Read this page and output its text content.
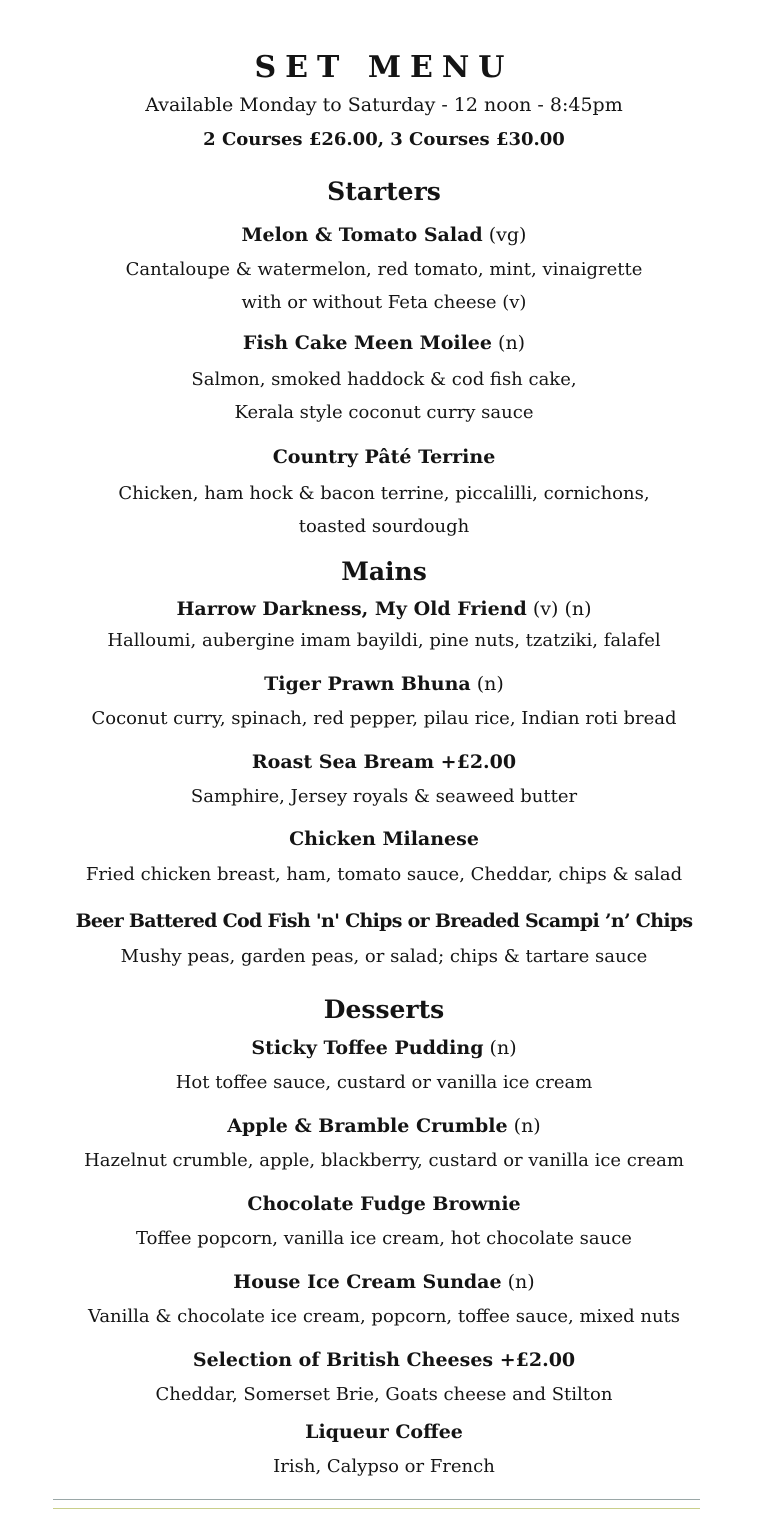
SET MENU
Available Monday to Saturday - 12 noon - 8:45pm
2 Courses £26.00, 3 Courses £30.00
Starters
Melon & Tomato Salad (vg)
Cantaloupe & watermelon, red tomato, mint, vinaigrette
with or without Feta cheese (v)
Fish Cake Meen Moilee (n)
Salmon, smoked haddock & cod fish cake,
Kerala style coconut curry sauce
Country Pâté Terrine
Chicken, ham hock & bacon terrine, piccalilli, cornichons,
toasted sourdough
Mains
Harrow Darkness, My Old Friend (v) (n)
Halloumi, aubergine imam bayildi, pine nuts, tzatziki, falafel
Tiger Prawn Bhuna (n)
Coconut curry, spinach, red pepper, pilau rice, Indian roti bread
Roast Sea Bream +£2.00
Samphire, Jersey royals & seaweed butter
Chicken Milanese
Fried chicken breast, ham, tomato sauce, Cheddar, chips & salad
Beer Battered Cod Fish 'n' Chips or Breaded Scampi ’n’ Chips
Mushy peas, garden peas, or salad; chips & tartare sauce
Desserts
Sticky Toffee Pudding (n)
Hot toffee sauce, custard or vanilla ice cream
Apple & Bramble Crumble (n)
Hazelnut crumble, apple, blackberry, custard or vanilla ice cream
Chocolate Fudge Brownie
Toffee popcorn, vanilla ice cream, hot chocolate sauce
House Ice Cream Sundae (n)
Vanilla & chocolate ice cream, popcorn, toffee sauce, mixed nuts
Selection of British Cheeses +£2.00
Cheddar, Somerset Brie, Goats cheese and Stilton
Liqueur Coffee
Irish, Calypso or French
